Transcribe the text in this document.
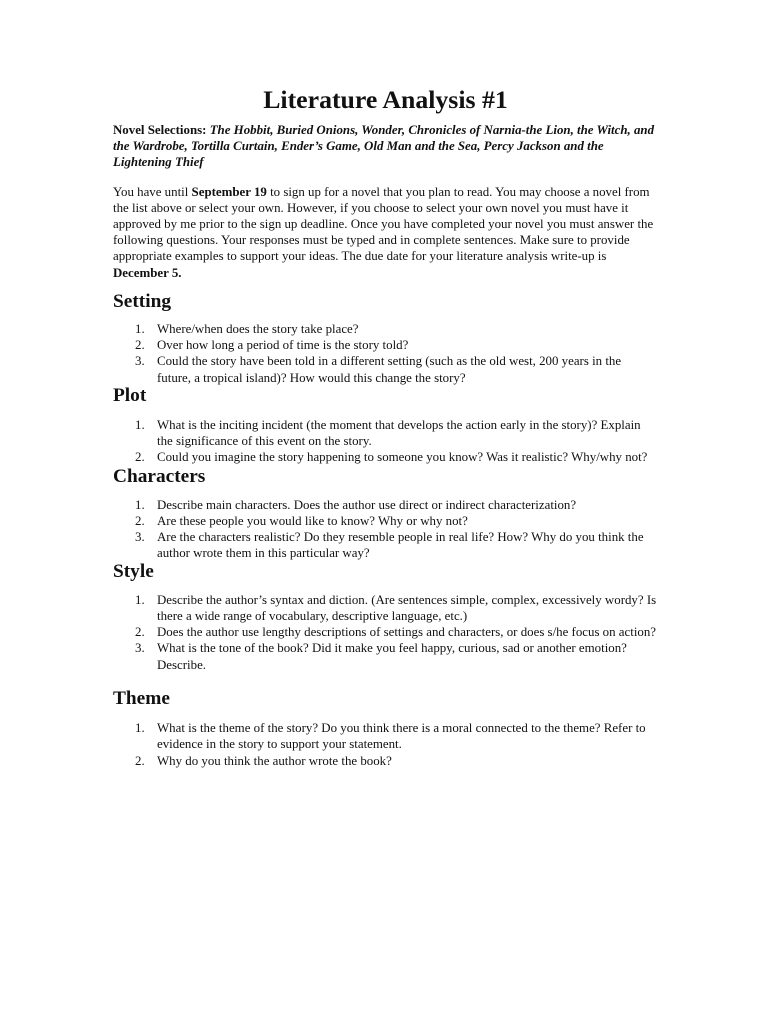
Literature Analysis #1

Novel Selections: The Hobbit, Buried Onions, Wonder, Chronicles of Narnia-the Lion, the Witch, and the Wardrobe, Tortilla Curtain, Ender’s Game, Old Man and the Sea, Percy Jackson and the Lightening Thief

You have until September 19 to sign up for a novel that you plan to read. You may choose a novel from the list above or select your own. However, if you choose to select your own novel you must have it approved by me prior to the sign up deadline. Once you have completed your novel you must answer the following questions. Your responses must be typed and in complete sentences. Make sure to provide appropriate examples to support your ideas. The due date for your literature analysis write-up is December 5.

Setting
1. Where/when does the story take place?
2. Over how long a period of time is the story told?
3. Could the story have been told in a different setting (such as the old west, 200 years in the future, a tropical island)? How would this change the story?
Plot
1. What is the inciting incident (the moment that develops the action early in the story)? Explain the significance of this event on the story.
2. Could you imagine the story happening to someone you know? Was it realistic? Why/why not?
Characters
1. Describe main characters. Does the author use direct or indirect characterization?
2. Are these people you would like to know? Why or why not?
3. Are the characters realistic? Do they resemble people in real life? How? Why do you think the author wrote them in this particular way?
Style
1. Describe the author’s syntax and diction. (Are sentences simple, complex, excessively wordy? Is there a wide range of vocabulary, descriptive language, etc.)
2. Does the author use lengthy descriptions of settings and characters, or does s/he focus on action?
3. What is the tone of the book? Did it make you feel happy, curious, sad or another emotion? Describe.
Theme
1. What is the theme of the story? Do you think there is a moral connected to the theme? Refer to evidence in the story to support your statement.
2. Why do you think the author wrote the book?
